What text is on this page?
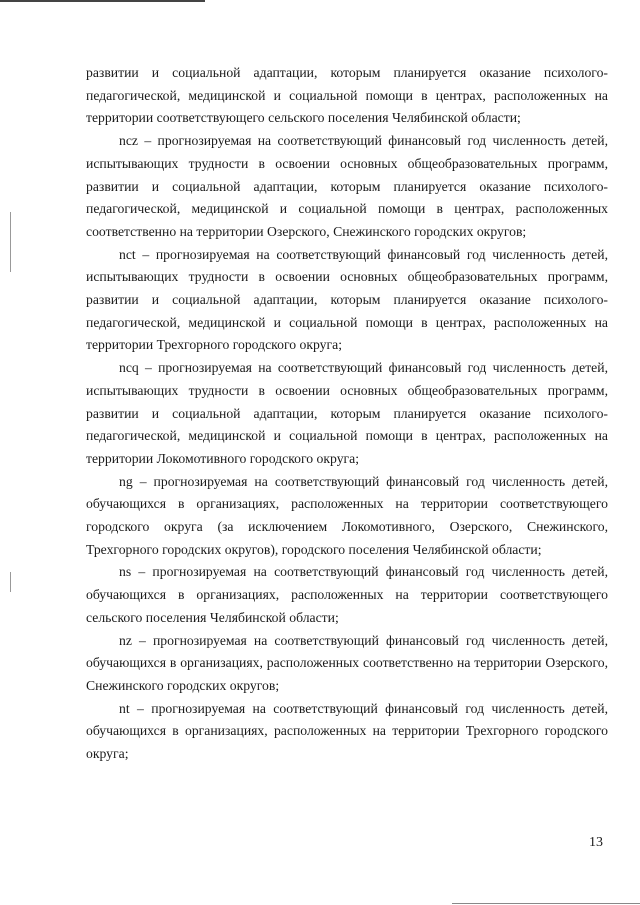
развитии и социальной адаптации, которым планируется оказание психолого-педагогической, медицинской и социальной помощи в центрах, расположенных на территории соответствующего сельского поселения Челябинской области;

ncz – прогнозируемая на соответствующий финансовый год численность детей, испытывающих трудности в освоении основных общеобразовательных программ, развитии и социальной адаптации, которым планируется оказание психолого-педагогической, медицинской и социальной помощи в центрах, расположенных соответственно на территории Озерского, Снежинского городских округов;

nct – прогнозируемая на соответствующий финансовый год численность детей, испытывающих трудности в освоении основных общеобразовательных программ, развитии и социальной адаптации, которым планируется оказание психолого-педагогической, медицинской и социальной помощи в центрах, расположенных на территории Трехгорного городского округа;

ncq – прогнозируемая на соответствующий финансовый год численность детей, испытывающих трудности в освоении основных общеобразовательных программ, развитии и социальной адаптации, которым планируется оказание психолого-педагогической, медицинской и социальной помощи в центрах, расположенных на территории Локомотивного городского округа;

ng – прогнозируемая на соответствующий финансовый год численность детей, обучающихся в организациях, расположенных на территории соответствующего городского округа (за исключением Локомотивного, Озерского, Снежинского, Трехгорного городских округов), городского поселения Челябинской области;

ns – прогнозируемая на соответствующий финансовый год численность детей, обучающихся в организациях, расположенных на территории соответствующего сельского поселения Челябинской области;

nz – прогнозируемая на соответствующий финансовый год численность детей, обучающихся в организациях, расположенных соответственно на территории Озерского, Снежинского городских округов;

nt – прогнозируемая на соответствующий финансовый год численность детей, обучающихся в организациях, расположенных на территории Трехгорного городского округа;

13
